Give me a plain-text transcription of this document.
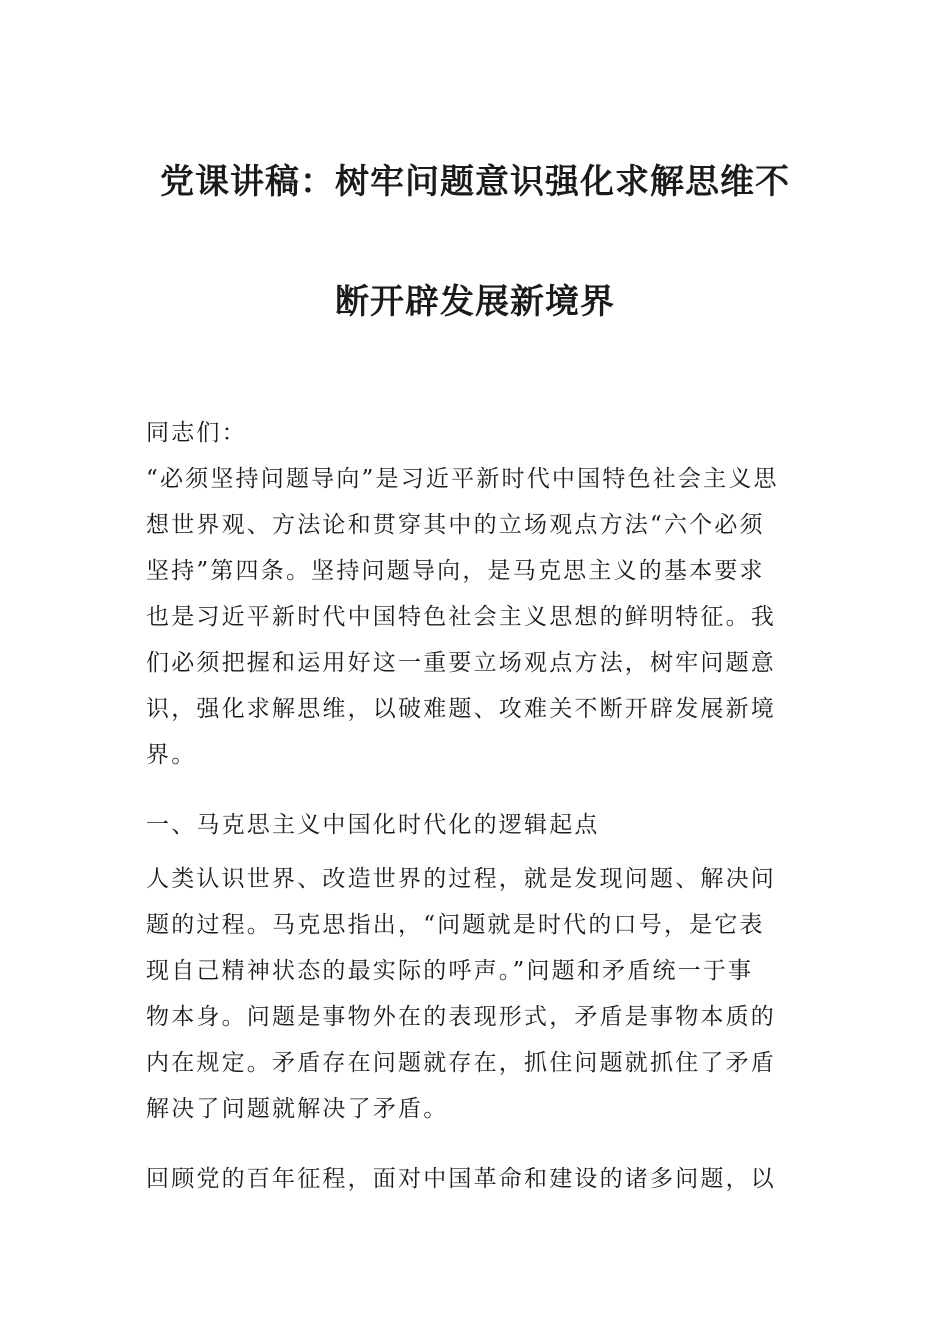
党课讲稿：树牢问题意识强化求解思维不
断开辟发展新境界
同志们：
“必须坚持问题导向”是习近平新时代中国特色社会主义思
想世界观、方法论和贯穿其中的立场观点方法“六个必须
坚持”第四条。坚持问题导向，是马克思主义的基本要求
也是习近平新时代中国特色社会主义思想的鲜明特征。我
们必须把握和运用好这一重要立场观点方法，树牢问题意
识，强化求解思维，以破难题、攻难关不断开辟发展新境
界。
一、马克思主义中国化时代化的逻辑起点
人类认识世界、改造世界的过程，就是发现问题、解决问
题的过程。马克思指出，“问题就是时代的口号，是它表
现自己精神状态的最实际的呼声。”问题和矛盾统一于事
物本身。问题是事物外在的表现形式，矛盾是事物本质的
内在规定。矛盾存在问题就存在，抓住问题就抓住了矛盾
解决了问题就解决了矛盾。
回顾党的百年征程，面对中国革命和建设的诸多问题，以
